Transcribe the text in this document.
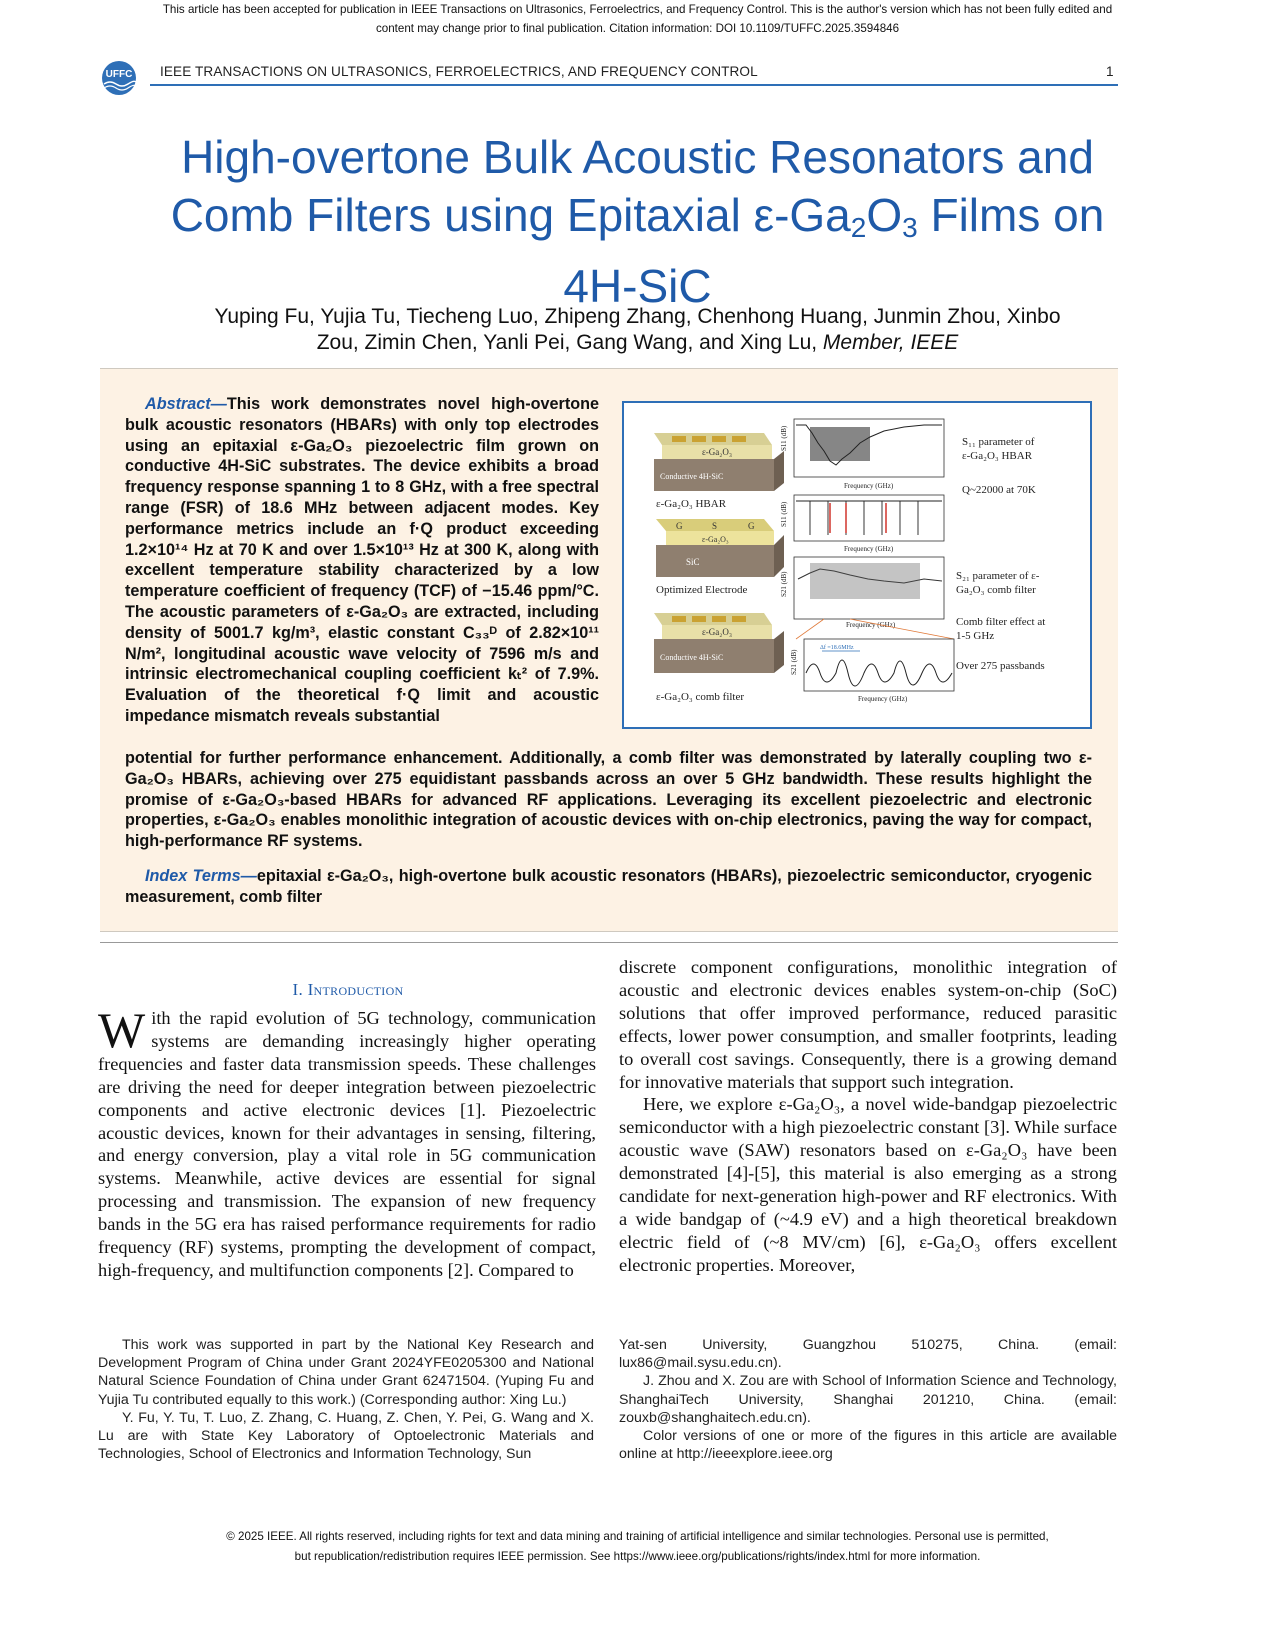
This article has been accepted for publication in IEEE Transactions on Ultrasonics, Ferroelectrics, and Frequency Control. This is the author's version which has not been fully edited and
content may change prior to final publication. Citation information: DOI 10.1109/TUFFC.2025.3594846
UFFC IEEE TRANSACTIONS ON ULTRASONICS, FERROELECTRICS, AND FREQUENCY CONTROL	1
High-overtone Bulk Acoustic Resonators and
Comb Filters using Epitaxial $\varepsilon-Ga_2O_3$ Films on
4H-SiC
Yuping Fu, Yujia Tu, Tiecheng Luo, Zhipeng Zhang, Chenhong Huang, Junmin Zhou, Xinbo
Zou, Zimin Chen, Yanli Pei, Gang Wang, and Xing Lu, Member, IEEE

Abstract—This work demonstrates novel high-overtone bulk acoustic resonators (HBARs) with only top electrodes using an epitaxial ε-Ga₂O₃ piezoelectric film grown on conductive 4H-SiC substrates. The device exhibits a broad frequency response spanning 1 to 8 GHz, with a free spectral range (FSR) of 18.6 MHz between adjacent modes. Key performance metrics include an f·Q product exceeding 1.2×10¹⁴ Hz at 70 K and over 1.5×10¹³ Hz at 300 K, along with excellent temperature stability characterized by a low temperature coefficient of frequency (TCF) of −15.46 ppm/°C. The acoustic parameters of ε-Ga₂O₃ are extracted, including density of 5001.7 kg/m³, elastic constant C₃₃ᴰ of 2.82×10¹¹ N/m², longitudinal acoustic wave velocity of 7596 m/s and intrinsic electromechanical coupling coefficient kₜ² of 7.9%. Evaluation of the theoretical f·Q limit and acoustic impedance mismatch reveals substantial

potential for further performance enhancement. Additionally, a comb filter was demonstrated by laterally coupling two ε-Ga₂O₃ HBARs, achieving over 275 equidistant passbands across an over 5 GHz bandwidth. These results highlight the promise of ε-Ga₂O₃-based HBARs for advanced RF applications. Leveraging its excellent piezoelectric and electronic properties, ε-Ga₂O₃ enables monolithic integration of acoustic devices with on-chip electronics, paving the way for compact, high-performance RF systems.

Index Terms—epitaxial ε-Ga₂O₃, high-overtone bulk acoustic resonators (HBARs), piezoelectric semiconductor, cryogenic measurement, comb filter

ε-Ga₂O₃
Conductive 4H-SiC
ε-Ga₂O₃ HBAR
G	S	G
ε-Ga₂O₃
SiC
Optimized Electrode
ε-Ga₂O₃
Conductive 4H-SiC
ε-Ga₂O₃ comb filter
S11 (dB)
Frequency (GHz)
S11 (dB)
Frequency (GHz)
S21 (dB)
Frequency (GHz)
Δf =18.6MHz
S21 (dB)
Frequency (GHz)
S₁₁ parameter of
ε-Ga₂O₃ HBAR
Q~22000 at 70K
S₂₁ parameter of ε-
Ga₂O₃ comb filter
Comb filter effect at
1-5 GHz
Over 275 passbands
I. Introduction

With the rapid evolution of 5G technology, communication systems are demanding increasingly higher operating frequencies and faster data transmission speeds. These challenges are driving the need for deeper integration between piezoelectric components and active electronic devices [1]. Piezoelectric acoustic devices, known for their advantages in sensing, filtering, and energy conversion, play a vital role in 5G communication systems. Meanwhile, active devices are essential for signal processing and transmission. The expansion of new frequency bands in the 5G era has raised performance requirements for radio frequency (RF) systems, prompting the development of compact, high-frequency, and multifunction components [2]. Compared to

discrete component configurations, monolithic integration of acoustic and electronic devices enables system-on-chip (SoC) solutions that offer improved performance, reduced parasitic effects, lower power consumption, and smaller footprints, leading to overall cost savings. Consequently, there is a growing demand for innovative materials that support such integration.

Here, we explore ε-Ga₂O₃, a novel wide-bandgap piezoelectric semiconductor with a high piezoelectric constant [3]. While surface acoustic wave (SAW) resonators based on ε-Ga₂O₃ have been demonstrated [4]-[5], this material is also emerging as a strong candidate for next-generation high-power and RF electronics. With a wide bandgap of (~4.9 eV) and a high theoretical breakdown electric field of (~8 MV/cm) [6], ε-Ga₂O₃ offers excellent electronic properties. Moreover,

This work was supported in part by the National Key Research and Development Program of China under Grant 2024YFE0205300 and National Natural Science Foundation of China under Grant 62471504. (Yuping Fu and Yujia Tu contributed equally to this work.) (Corresponding author: Xing Lu.)

Y. Fu, Y. Tu, T. Luo, Z. Zhang, C. Huang, Z. Chen, Y. Pei, G. Wang and X. Lu are with State Key Laboratory of Optoelectronic Materials and Technologies, School of Electronics and Information Technology, Sun

Yat-sen University, Guangzhou 510275, China. (email: lux86@mail.sysu.edu.cn).

J. Zhou and X. Zou are with School of Information Science and Technology, ShanghaiTech University, Shanghai 201210, China. (email: zouxb@shanghaitech.edu.cn).

Color versions of one or more of the figures in this article are available online at http://ieeexplore.ieee.org

© 2025 IEEE. All rights reserved, including rights for text and data mining and training of artificial intelligence and similar technologies. Personal use is permitted,
but republication/redistribution requires IEEE permission. See https://www.ieee.org/publications/rights/index.html for more information.
